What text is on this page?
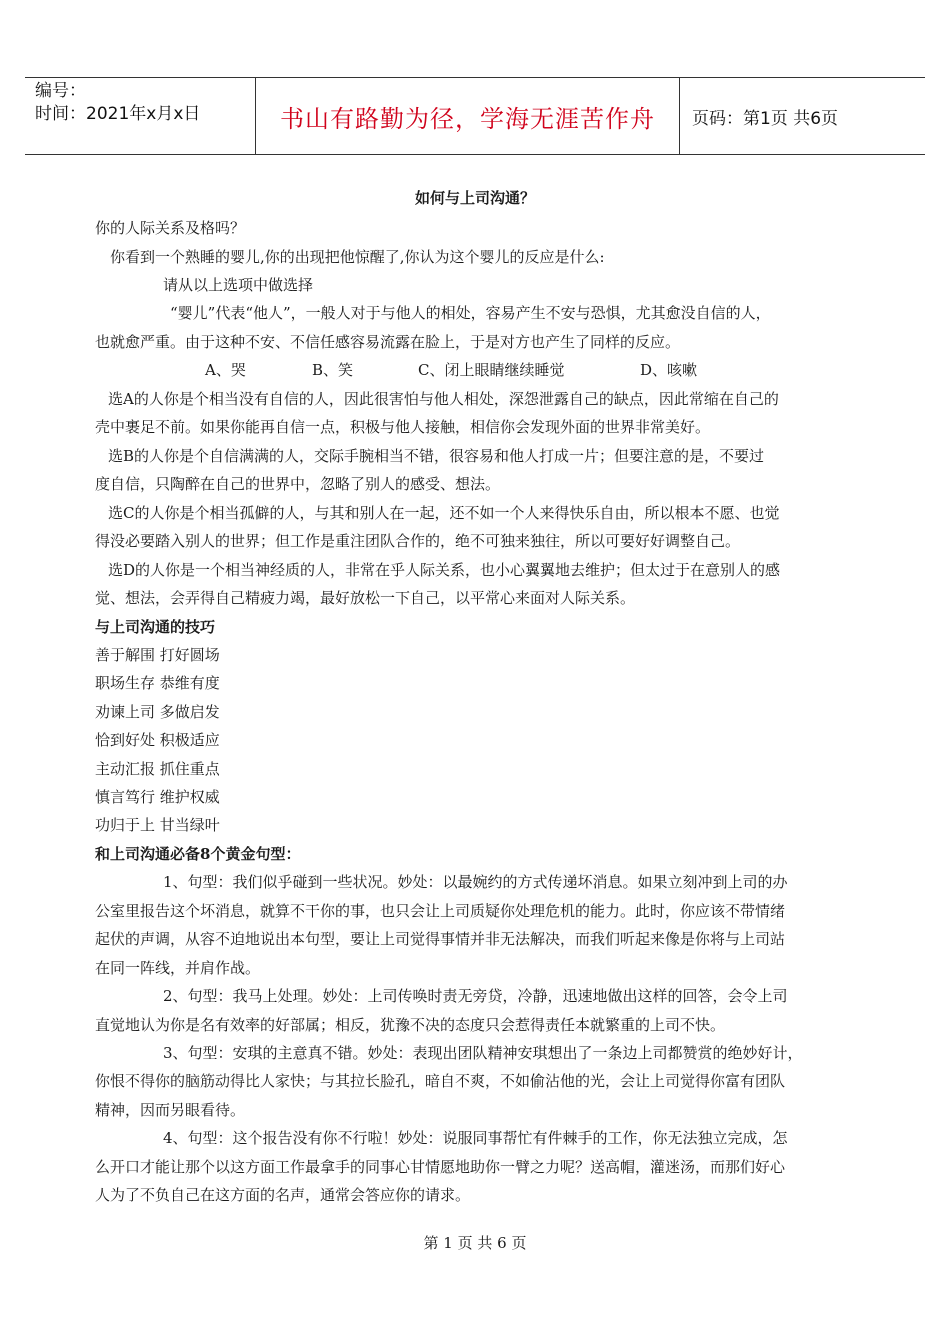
编号：
时间：2021年x月x日	书山有路勤为径，学海无涯苦作舟	页码：第1页 共6页
如何与上司沟通？
你的人际关系及格吗？
你看到一个熟睡的婴儿,你的出现把他惊醒了,你认为这个婴儿的反应是什么:
请从以上选项中做选择
“婴儿”代表“他人”，一般人对于与他人的相处，容易产生不安与恐惧，尤其愈没自信的人，
也就愈严重。由于这种不安、不信任感容易流露在脸上，于是对方也产生了同样的反应。
A、哭	B、笑	C、闭上眼睛继续睡觉	D、咳嗽
选A的人你是个相当没有自信的人，因此很害怕与他人相处，深怨泄露自己的缺点，因此常缩在自己的
壳中裹足不前。如果你能再自信一点，积极与他人接触，相信你会发现外面的世界非常美好。
选B的人你是个自信满满的人，交际手腕相当不错，很容易和他人打成一片；但要注意的是，不要过
度自信，只陶醉在自己的世界中，忽略了别人的感受、想法。
选C的人你是个相当孤僻的人，与其和别人在一起，还不如一个人来得快乐自由，所以根本不愿、也觉
得没必要踏入别人的世界；但工作是重注团队合作的，绝不可独来独往，所以可要好好调整自己。
选D的人你是一个相当神经质的人，非常在乎人际关系，也小心翼翼地去维护；但太过于在意别人的感
觉、想法，会弄得自己精疲力竭，最好放松一下自己，以平常心来面对人际关系。
与上司沟通的技巧
善于解围 打好圆场
职场生存 恭维有度
劝谏上司 多做启发
恰到好处 积极适应
主动汇报 抓住重点
慎言笃行 维护权威
功归于上 甘当绿叶
和上司沟通必备8个黄金句型：
1、句型：我们似乎碰到一些状况。妙处：以最婉约的方式传递坏消息。如果立刻冲到上司的办
公室里报告这个坏消息，就算不干你的事，也只会让上司质疑你处理危机的能力。此时，你应该不带情绪
起伏的声调，从容不迫地说出本句型，要让上司觉得事情并非无法解决，而我们听起来像是你将与上司站
在同一阵线，并肩作战。
2、句型：我马上处理。妙处：上司传唤时责无旁贷，冷静，迅速地做出这样的回答，会令上司
直觉地认为你是名有效率的好部属；相反，犹豫不决的态度只会惹得责任本就繁重的上司不快。
3、句型：安琪的主意真不错。妙处：表现出团队精神安琪想出了一条边上司都赞赏的绝妙好计，
你恨不得你的脑筋动得比人家快；与其拉长脸孔，暗自不爽，不如偷沾他的光，会让上司觉得你富有团队
精神，因而另眼看待。
4、句型：这个报告没有你不行啦！妙处：说服同事帮忙有件棘手的工作，你无法独立完成，怎
么开口才能让那个以这方面工作最拿手的同事心甘情愿地助你一臂之力呢？送高帽，灌迷汤，而那们好心
人为了不负自己在这方面的名声，通常会答应你的请求。
第 1 页 共 6 页
